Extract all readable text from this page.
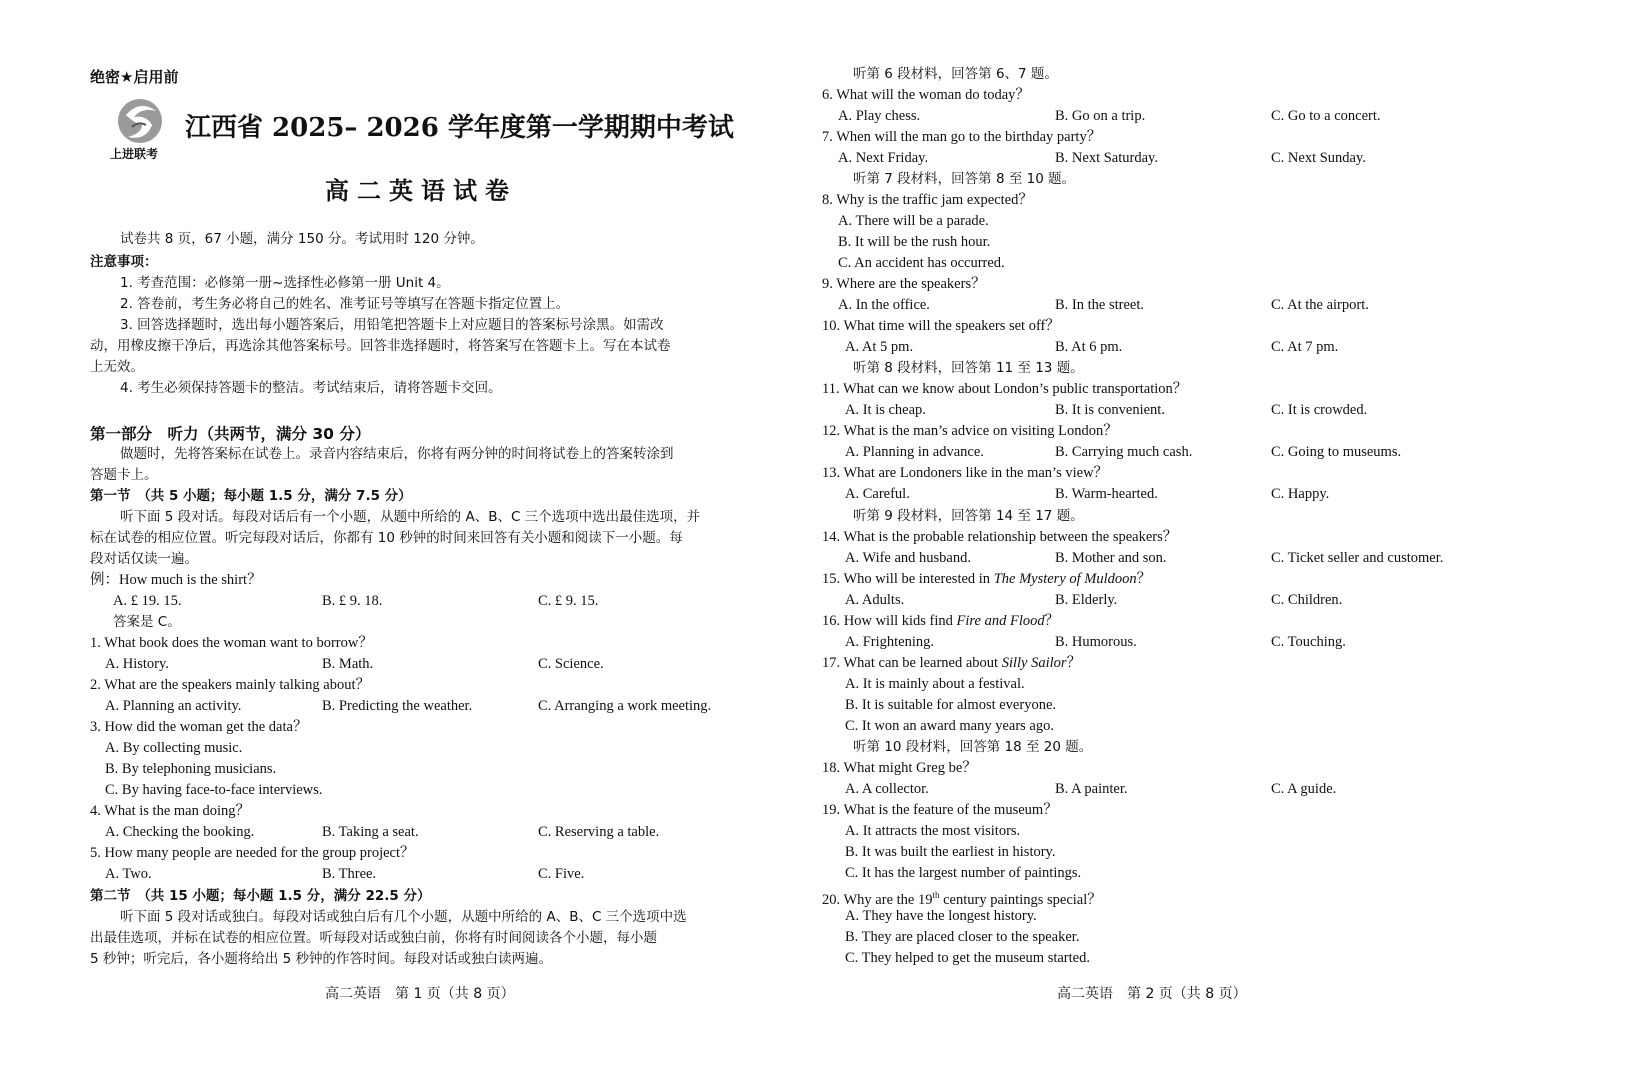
绝密★启用前
上进联考
江西省 2025– 2026 学年度第一学期期中考试
高二英语试卷
试卷共 8 页，67 小题，满分 150 分。考试用时 120 分钟。
注意事项：
1. 考查范围：必修第一册~选择性必修第一册 Unit 4。
2. 答卷前，考生务必将自己的姓名、准考证号等填写在答题卡指定位置上。
3. 回答选择题时，选出每小题答案后，用铅笔把答题卡上对应题目的答案标号涂黑。如需改
动，用橡皮擦干净后，再选涂其他答案标号。回答非选择题时，将答案写在答题卡上。写在本试卷
上无效。
4. 考生必须保持答题卡的整洁。考试结束后，请将答题卡交回。
第一部分　听力（共两节，满分 30 分）
做题时，先将答案标在试卷上。录音内容结束后，你将有两分钟的时间将试卷上的答案转涂到
答题卡上。
第一节　（共 5 小题；每小题 1.5 分，满分 7.5 分）
听下面 5 段对话。每段对话后有一个小题，从题中所给的 A、B、C 三个选项中选出最佳选项，并
标在试卷的相应位置。听完每段对话后，你都有 10 秒钟的时间来回答有关小题和阅读下一小题。每
段对话仅读一遍。
例：How much is the shirt？
A. £ 19. 15.	B. £ 9. 18.	C. £ 9. 15.
答案是 C。
1. What book does the woman want to borrow？
A. History.	B. Math.	C. Science.
2. What are the speakers mainly talking about？
A. Planning an activity.	B. Predicting the weather.	C. Arranging a work meeting.
3. How did the woman get the data？
A. By collecting music.
B. By telephoning musicians.
C. By having face-to-face interviews.
4. What is the man doing？
A. Checking the booking.	B. Taking a seat.	C. Reserving a table.
5. How many people are needed for the group project？
A. Two.	B. Three.	C. Five.
第二节　（共 15 小题；每小题 1.5 分，满分 22.5 分）
听下面 5 段对话或独白。每段对话或独白后有几个小题，从题中所给的 A、B、C 三个选项中选
出最佳选项，并标在试卷的相应位置。听每段对话或独白前，你将有时间阅读各个小题，每小题
5 秒钟；听完后，各小题将给出 5 秒钟的作答时间。每段对话或独白读两遍。
高二英语　第 1 页（共 8 页）
听第 6 段材料，回答第 6、7 题。
6. What will the woman do today？
A. Play chess.	B. Go on a trip.	C. Go to a concert.
7. When will the man go to the birthday party？
A. Next Friday.	B. Next Saturday.	C. Next Sunday.
听第 7 段材料，回答第 8 至 10 题。
8. Why is the traffic jam expected？
A. There will be a parade.
B. It will be the rush hour.
C. An accident has occurred.
9. Where are the speakers？
A. In the office.	B. In the street.	C. At the airport.
10. What time will the speakers set off？
A. At 5 pm.	B. At 6 pm.	C. At 7 pm.
听第 8 段材料，回答第 11 至 13 题。
11. What can we know about London’s public transportation？
A. It is cheap.	B. It is convenient.	C. It is crowded.
12. What is the man’s advice on visiting London？
A. Planning in advance.	B. Carrying much cash.	C. Going to museums.
13. What are Londoners like in the man’s view？
A. Careful.	B. Warm-hearted.	C. Happy.
听第 9 段材料，回答第 14 至 17 题。
14. What is the probable relationship between the speakers？
A. Wife and husband.	B. Mother and son.	C. Ticket seller and customer.
15. Who will be interested in The Mystery of Muldoon？
A. Adults.	B. Elderly.	C. Children.
16. How will kids find Fire and Flood？
A. Frightening.	B. Humorous.	C. Touching.
17. What can be learned about Silly Sailor？
A. It is mainly about a festival.
B. It is suitable for almost everyone.
C. It won an award many years ago.
听第 10 段材料，回答第 18 至 20 题。
18. What might Greg be？
A. A collector.	B. A painter.	C. A guide.
19. What is the feature of the museum？
A. It attracts the most visitors.
B. It was built the earliest in history.
C. It has the largest number of paintings.
20. Why are the 19th century paintings special？
A. They have the longest history.
B. They are placed closer to the speaker.
C. They helped to get the museum started.
高二英语　第 2 页（共 8 页）
